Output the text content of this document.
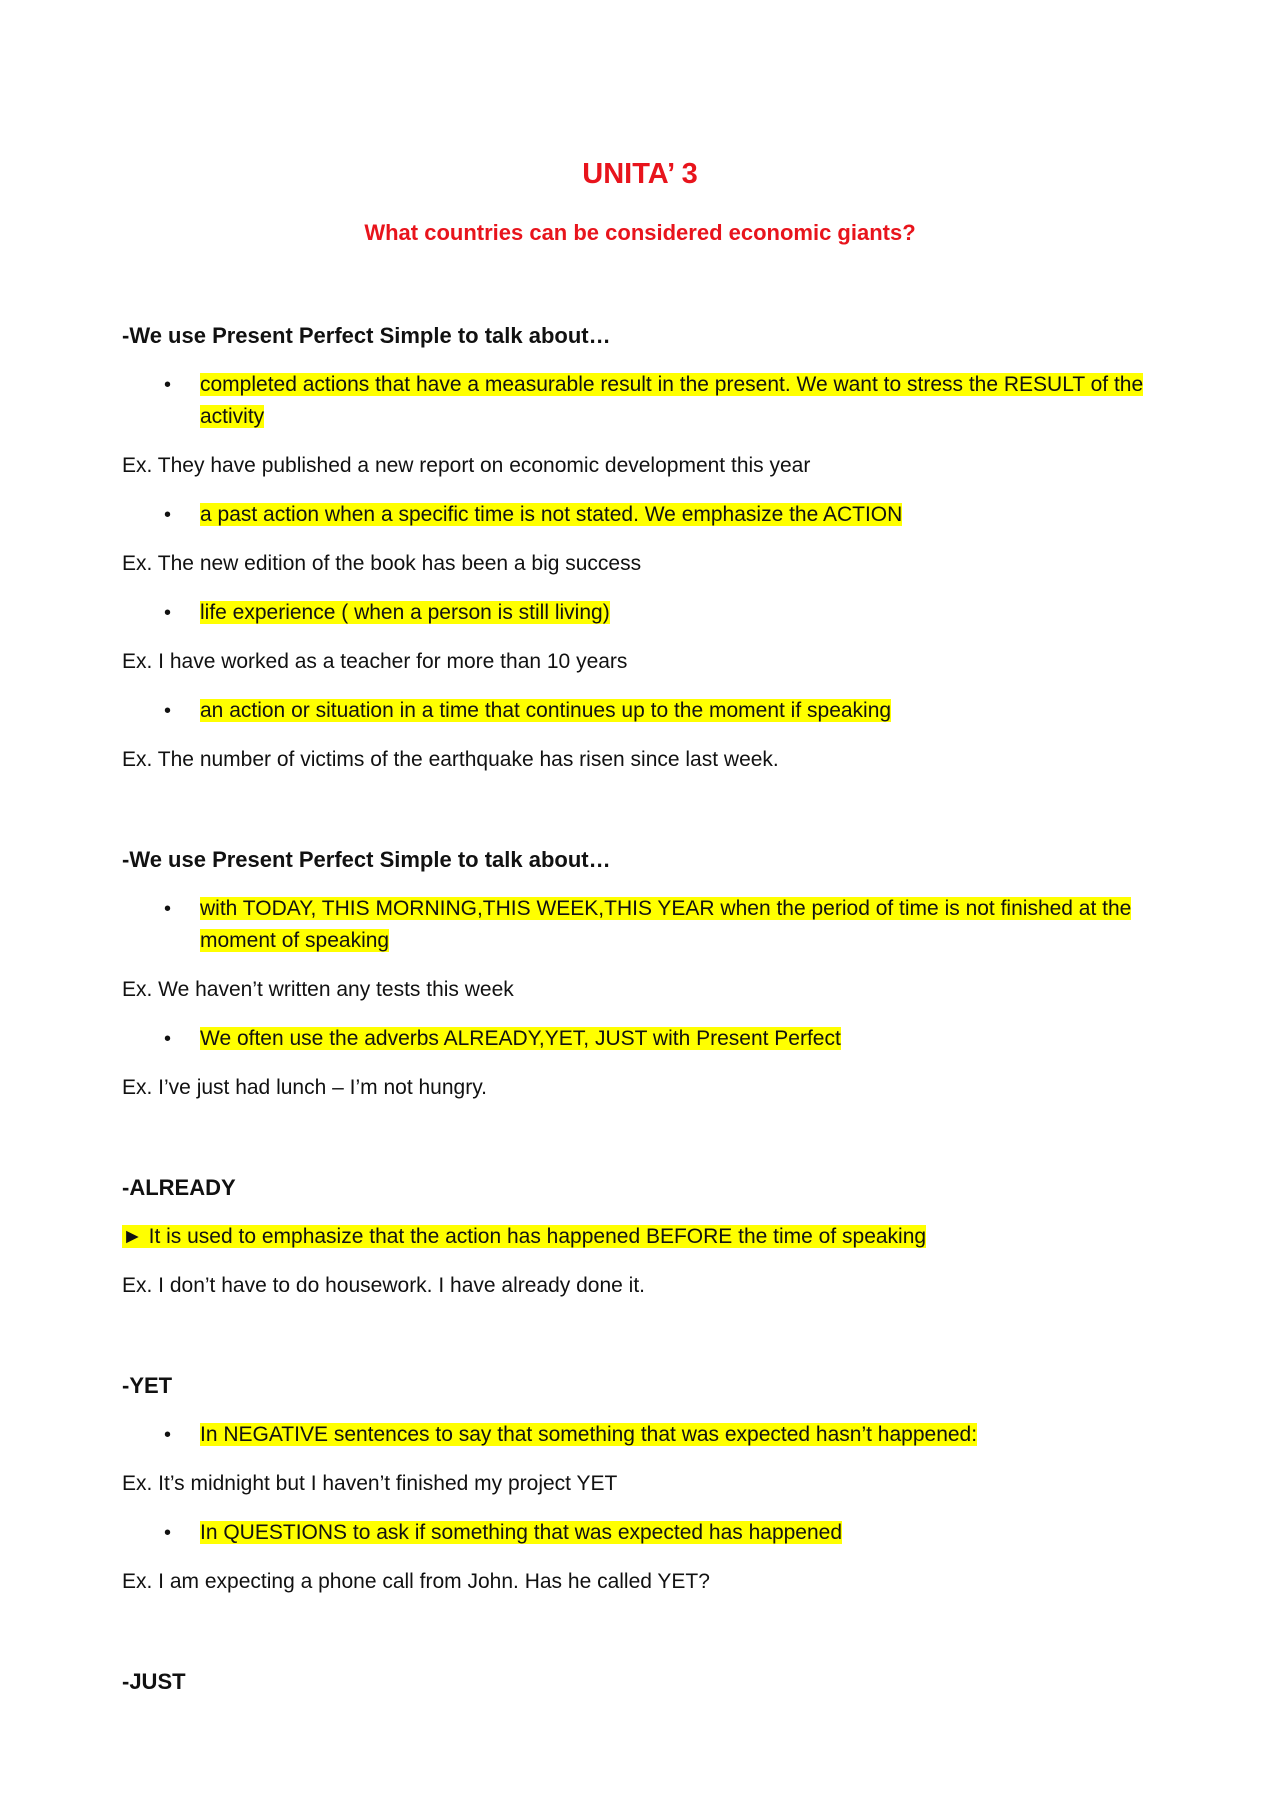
UNITA’ 3
What countries can be considered economic giants?

-We use Present Perfect Simple to talk about…

• completed actions that have a measurable result in the present. We want to stress the RESULT of the activity

Ex. They have published a new report on economic development this year

• a past action when a specific time is not stated. We emphasize the ACTION

Ex. The new edition of the book has been a big success

• life experience ( when a person is still living)

Ex. I have worked as a teacher for more than 10 years

• an action or situation in a time that continues up to the moment if speaking

Ex. The number of victims of the earthquake has risen since last week.

-We use Present Perfect Simple to talk about…

• with TODAY, THIS MORNING,THIS WEEK,THIS YEAR when the period of time is not finished at the moment of speaking

Ex. We haven’t written any tests this week

• We often use the adverbs ALREADY,YET, JUST with Present Perfect

Ex. I’ve just had lunch – I’m not hungry.

-ALREADY

► It is used to emphasize that the action has happened BEFORE the time of speaking

Ex. I don’t have to do housework. I have already done it.

-YET

• In NEGATIVE sentences to say that something that was expected hasn’t happened:

Ex. It’s midnight but I haven’t finished my project YET

• In QUESTIONS to ask if something that was expected has happened

Ex. I am expecting a phone call from John. Has he called YET?

-JUST
